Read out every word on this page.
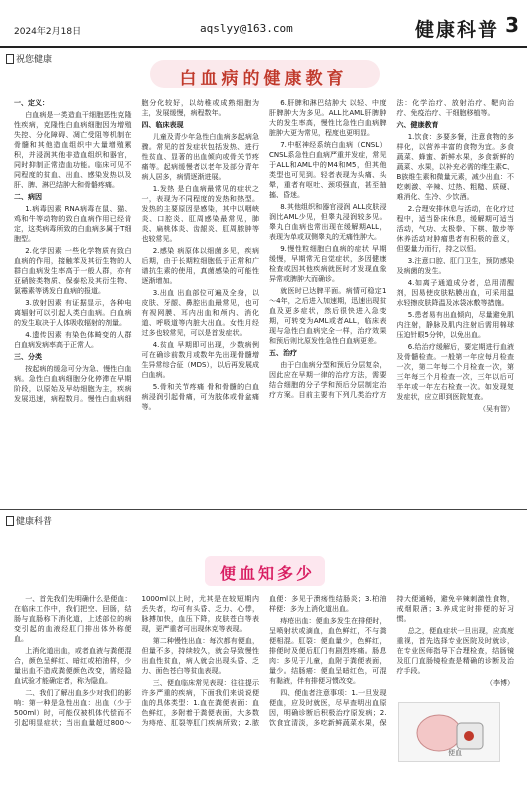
2024年2月18日	aqslyy@163.com	健康科普 3
祝您健康
白血病的健康教育

一、定义：

白血病是一类造血干细胞恶性克隆性疾病，克隆性白血病细胞因为增殖失控、分化障碍、凋亡受阻等机制在骨髓和其他造血组织中大量增殖累积，并浸润其他非造血组织和器官，同时抑制正常造血功能。临床可见不同程度的贫血、出血、感染发热以及肝、脾、淋巴结肿大和骨骼疼痛。

二、病因

1.病毒因素 RNA病毒在鼠、猫、鸡和牛等动物的致白血病作用已经肯定，这类病毒所致的白血病多属于T细胞型。

2.化学因素 一些化学物质有致白血病的作用，接触苯及其衍生物的人群白血病发生率高于一般人群，亦有亚硝胺类物质、保泰松及其衍生物、氯霉素等诱发白血病的报道。

3.放射因素 有证据显示，各种电离辐射可以引起人类白血病。白血病的发生取决于人体吸收辐射的剂量。

4.遗传因素 有染色体畸变的人群白血病发病率高于正常人。

三、分类

按起病的缓急可分为急、慢性白血病。急性白血病细胞分化停滞在早期阶段，以原始及早幼细胞为主，疾病发展迅速，病程数月。慢性白血病细胞分化较好，以幼稚或成熟细胞为主，发展缓慢，病程数年。

四、临床表现

儿童及青少年急性白血病多起病急骤。常见的首发症状包括发热、进行性贫血、显著的出血倾向或骨关节疼痛等。起病缓慢者以老年及部分青年病人居多，病情逐渐进展。

1.发热 是白血病最常见的症状之一，表现为不同程度的发热和热型。发热的主要原因是感染，其中以咽峡炎、口腔炎、肛周感染最常见，肺炎、扁桃体炎、齿龈炎、肛周脓肿等也较常见。

2.感染 病原体以细菌多见，疾病后期，由于长期粒细胞低于正常和广谱抗生素的使用，真菌感染的可能性逐渐增加。

3.出血 出血部位可遍及全身，以皮肤、牙龈、鼻腔出血最常见，也可有视网膜、耳内出血和颅内、消化道、呼吸道等内脏大出血。女性月经过多也较常见，可以是首发症状。

4.贫血 早期即可出现，少数病例可在确诊前数月或数年先出现骨髓增生异常综合征（MDS），以后再发展成白血病。

5.骨和关节疼痛 骨和骨髓的白血病浸润引起骨痛，可为肢体或骨盆痛等。

6.肝脾和淋巴结肿大 以轻、中度肝脾肿大为多见。ALL比AML肝脾肿大的发生率高，慢性比急性白血病脾脏肿大更为常见，程度也更明显。

7.中枢神经系统白血病（CNSL） CNSL系急性白血病严重并发症，常见于ALL和AML中的M4和M5，但其他类型也可见到。轻者表现为头痛、头晕，重者有呕吐、颈项强直，甚至抽搐、昏迷。

8.其他组织和器官浸润 ALL皮肤浸润比AML少见，但睾丸浸润较多见。睾丸白血病也常出现在缓解期ALL，表现为单或双侧睾丸的无痛性肿大。

9.慢性粒细胞白血病的症状 早期缓慢，早期常无自觉症状，多因健康检查或因其他疾病就医时才发现血象异常或脾肿大而确诊。

就医时已达脾平面。病情可稳定1～4年，之后进入加速期，迅速出现贫血及更多症状，然后很快进入急变期，可转变为AML或者ALL，临床表现与急性白血病完全一样，治疗效果和预后则比原发性急性白血病更差。

五、治疗

由于白血病分型和预后分层复杂，因此应在早期一律的治疗方法，需要结合细胞的分子学和预后分层制定治疗方案。目前主要有下列几类治疗方法：化学治疗、放射治疗、靶向治疗、免疫治疗、干细胞移植等。

六、健康教育

1.饮食：多要多餐，注意食物的多样化，以营养丰富的食物为宜。多食蔬菜、蜂蜜、新鲜水果，多食新鲜的蔬菜、水果，以补充必需的维生素C、B族维生素和微量元素，减少出血：不吃刺激、辛辣、过热、粗糙、质硬、难消化、生冷、少饮酒。

2.合理安排休息与活动，在化疗过程中，适当卧床休息，缓解期可适当活动，气功、太极拳、下棋、散步等休养活动对肿瘤患者有积极的意义，但要量力而行，持之以恒。

3.注意口腔、肛门卫生，预防感染及病菌的发生。

4.如离子通道成分者，总用清醒剂，因易使皮肤粘膜出血，可采用温水轻擦皮肤降温及冰袋冰敷等措施。

5.患者易有出血倾向，尽量避免肌内注射，静脉及肌内注射后需用棉球压迫针眼5分钟，以免出血。

6.给治疗缓解后，要定期进行血液及骨髓检查。一般第一年应每月检查一次，第二年每二个月检查一次，第三年每三个月检查一次，三年以后可半年或一年左右检查一次。如发现复发症状，应立即到医院复查。

（吴有智）

健康科普
便血知多少

一、首先我们先明确什么是便血：在临床工作中，我们把空、回肠，结肠与直肠称下消化道，上述部位的病变引起的血液经肛门排出体外称便血。

上消化道出血，或者血液与粪便混合，颜色呈鲜红、暗红或柏油样，少量出血不造成粪便颜色改变，需经隐血试验才能确定者，称为隐血。

二、我们了解出血多少对我们的影响：第一种是急性出血：出血（少于500ml）时，可能仅被机体代偿而不引起明显症状；当出血量超过800～1000ml以上时，尤其是在较短期内丢失者，均可有头昏、乏力、心悸，脉搏加快，血压下降，皮肤苍白等表现，更严重者可出现休克等表现。

第二种慢性出血：每次都有便血，但量不多，持续较久，就会导致慢性出血性贫血，病人就会出现头昏、乏力、面色苍白等贫血表现。

三、便血临床常见表现：往往提示许多严重的疾病，下面我们来说说便血的具体类型：1.血在粪便表面：血色鲜红，多附着于粪便表面，大多数为痔疮、肛裂等肛门疾病所致；2.脓血便：多见于溃疡性结肠炎；3.柏油样便：多为上消化道出血。

痔疮出血：便血多发生在排便时，呈喷射状或滴血，血色鲜红，不与粪便相混。肛裂：便血量少，色鲜红，排便时及便后肛门有剧烈疼痛。肠息肉：多见于儿童，血附于粪便表面，量少。结肠癌：便血呈暗红色，可混有黏液，伴有排便习惯改变。

四、便血者注意事项：1.一旦发现便血，应及时就医，尽早查明出血原因，明确诊断后积极治疗原发病；2.饮食宜清淡，多吃新鲜蔬菜水果，保持大便通畅，避免辛辣刺激性食物，戒烟限酒；3.养成定时排便的好习惯。

总之，便血症状一旦出现，应高度重视，首先选择专业医院及时就诊，在专业医师指导下合理检查，结肠镜及肛门直肠镜检查是精确的诊断及治疗手段。

（李博）

便血
